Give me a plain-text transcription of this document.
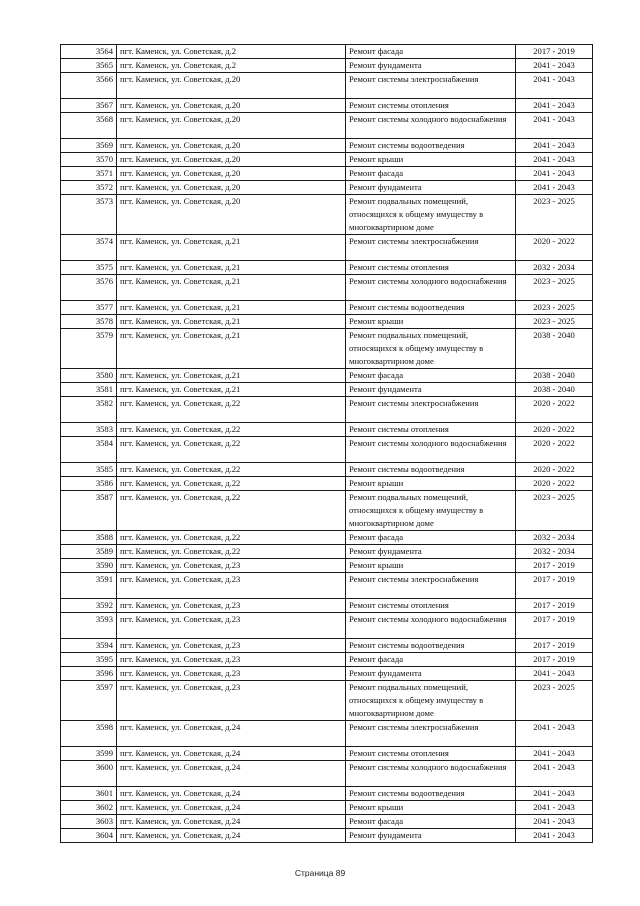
3564	пгт. Каменск, ул. Советская, д.2	Ремонт фасада	2017 - 2019
3565	пгт. Каменск, ул. Советская, д.2	Ремонт фундамента	2041 - 2043
3566	пгт. Каменск, ул. Советская, д.20	Ремонт системы электроснабжения	2041 - 2043
3567	пгт. Каменск, ул. Советская, д.20	Ремонт системы отопления	2041 - 2043
3568	пгт. Каменск, ул. Советская, д.20	Ремонт системы холодного водоснабжения	2041 - 2043
3569	пгт. Каменск, ул. Советская, д.20	Ремонт системы водоотведения	2041 - 2043
3570	пгт. Каменск, ул. Советская, д.20	Ремонт крыши	2041 - 2043
3571	пгт. Каменск, ул. Советская, д.20	Ремонт фасада	2041 - 2043
3572	пгт. Каменск, ул. Советская, д.20	Ремонт фундамента	2041 - 2043
3573	пгт. Каменск, ул. Советская, д.20	Ремонт подвальных помещений, относящихся к общему имуществу в многоквартирном доме	2023 - 2025
3574	пгт. Каменск, ул. Советская, д.21	Ремонт системы электроснабжения	2020 - 2022
3575	пгт. Каменск, ул. Советская, д.21	Ремонт системы отопления	2032 - 2034
3576	пгт. Каменск, ул. Советская, д.21	Ремонт системы холодного водоснабжения	2023 - 2025
3577	пгт. Каменск, ул. Советская, д.21	Ремонт системы водоотведения	2023 - 2025
3578	пгт. Каменск, ул. Советская, д.21	Ремонт крыши	2023 - 2025
3579	пгт. Каменск, ул. Советская, д.21	Ремонт подвальных помещений, относящихся к общему имуществу в многоквартирном доме	2038 - 2040
3580	пгт. Каменск, ул. Советская, д.21	Ремонт фасада	2038 - 2040
3581	пгт. Каменск, ул. Советская, д.21	Ремонт фундамента	2038 - 2040
3582	пгт. Каменск, ул. Советская, д.22	Ремонт системы электроснабжения	2020 - 2022
3583	пгт. Каменск, ул. Советская, д.22	Ремонт системы отопления	2020 - 2022
3584	пгт. Каменск, ул. Советская, д.22	Ремонт системы холодного водоснабжения	2020 - 2022
3585	пгт. Каменск, ул. Советская, д.22	Ремонт системы водоотведения	2020 - 2022
3586	пгт. Каменск, ул. Советская, д.22	Ремонт крыши	2020 - 2022
3587	пгт. Каменск, ул. Советская, д.22	Ремонт подвальных помещений, относящихся к общему имуществу в многоквартирном доме	2023 - 2025
3588	пгт. Каменск, ул. Советская, д.22	Ремонт фасада	2032 - 2034
3589	пгт. Каменск, ул. Советская, д.22	Ремонт фундамента	2032 - 2034
3590	пгт. Каменск, ул. Советская, д.23	Ремонт крыши	2017 - 2019
3591	пгт. Каменск, ул. Советская, д.23	Ремонт системы электроснабжения	2017 - 2019
3592	пгт. Каменск, ул. Советская, д.23	Ремонт системы отопления	2017 - 2019
3593	пгт. Каменск, ул. Советская, д.23	Ремонт системы холодного водоснабжения	2017 - 2019
3594	пгт. Каменск, ул. Советская, д.23	Ремонт системы водоотведения	2017 - 2019
3595	пгт. Каменск, ул. Советская, д.23	Ремонт фасада	2017 - 2019
3596	пгт. Каменск, ул. Советская, д.23	Ремонт фундамента	2041 - 2043
3597	пгт. Каменск, ул. Советская, д.23	Ремонт подвальных помещений, относящихся к общему имуществу в многоквартирном доме	2023 - 2025
3598	пгт. Каменск, ул. Советская, д.24	Ремонт системы электроснабжения	2041 - 2043
3599	пгт. Каменск, ул. Советская, д.24	Ремонт системы отопления	2041 - 2043
3600	пгт. Каменск, ул. Советская, д.24	Ремонт системы холодного водоснабжения	2041 - 2043
3601	пгт. Каменск, ул. Советская, д.24	Ремонт системы водоотведения	2041 - 2043
3602	пгт. Каменск, ул. Советская, д.24	Ремонт крыши	2041 - 2043
3603	пгт. Каменск, ул. Советская, д.24	Ремонт фасада	2041 - 2043
3604	пгт. Каменск, ул. Советская, д.24	Ремонт фундамента	2041 - 2043
Страница 89
